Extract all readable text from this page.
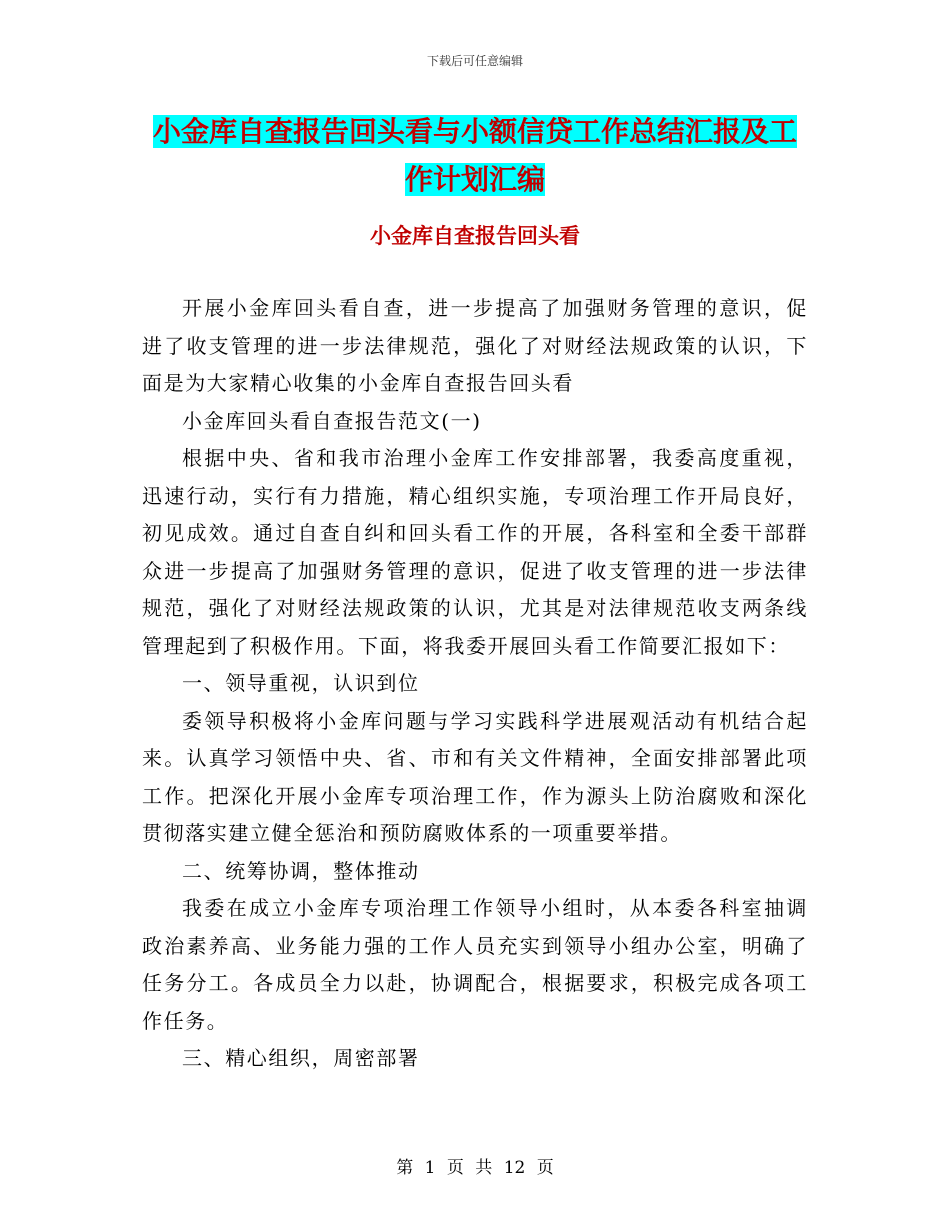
下载后可任意编辑
小金库自查报告回头看与小额信贷工作总结汇报及工作计划汇编
小金库自查报告回头看

开展小金库回头看自查，进一步提高了加强财务管理的意识，促进了收支管理的进一步法律规范，强化了对财经法规政策的认识，下面是为大家精心收集的小金库自查报告回头看

小金库回头看自查报告范文(一)

根据中央、省和我市治理小金库工作安排部署，我委高度重视，迅速行动，实行有力措施，精心组织实施，专项治理工作开局良好，初见成效。通过自查自纠和回头看工作的开展，各科室和全委干部群众进一步提高了加强财务管理的意识，促进了收支管理的进一步法律规范，强化了对财经法规政策的认识，尤其是对法律规范收支两条线管理起到了积极作用。下面，将我委开展回头看工作简要汇报如下：

一、领导重视，认识到位

委领导积极将小金库问题与学习实践科学进展观活动有机结合起来。认真学习领悟中央、省、市和有关文件精神，全面安排部署此项工作。把深化开展小金库专项治理工作，作为源头上防治腐败和深化贯彻落实建立健全惩治和预防腐败体系的一项重要举措。

二、统筹协调，整体推动

我委在成立小金库专项治理工作领导小组时，从本委各科室抽调政治素养高、业务能力强的工作人员充实到领导小组办公室，明确了任务分工。各成员全力以赴，协调配合，根据要求，积极完成各项工作任务。

三、精心组织，周密部署

第 1 页 共 12 页
